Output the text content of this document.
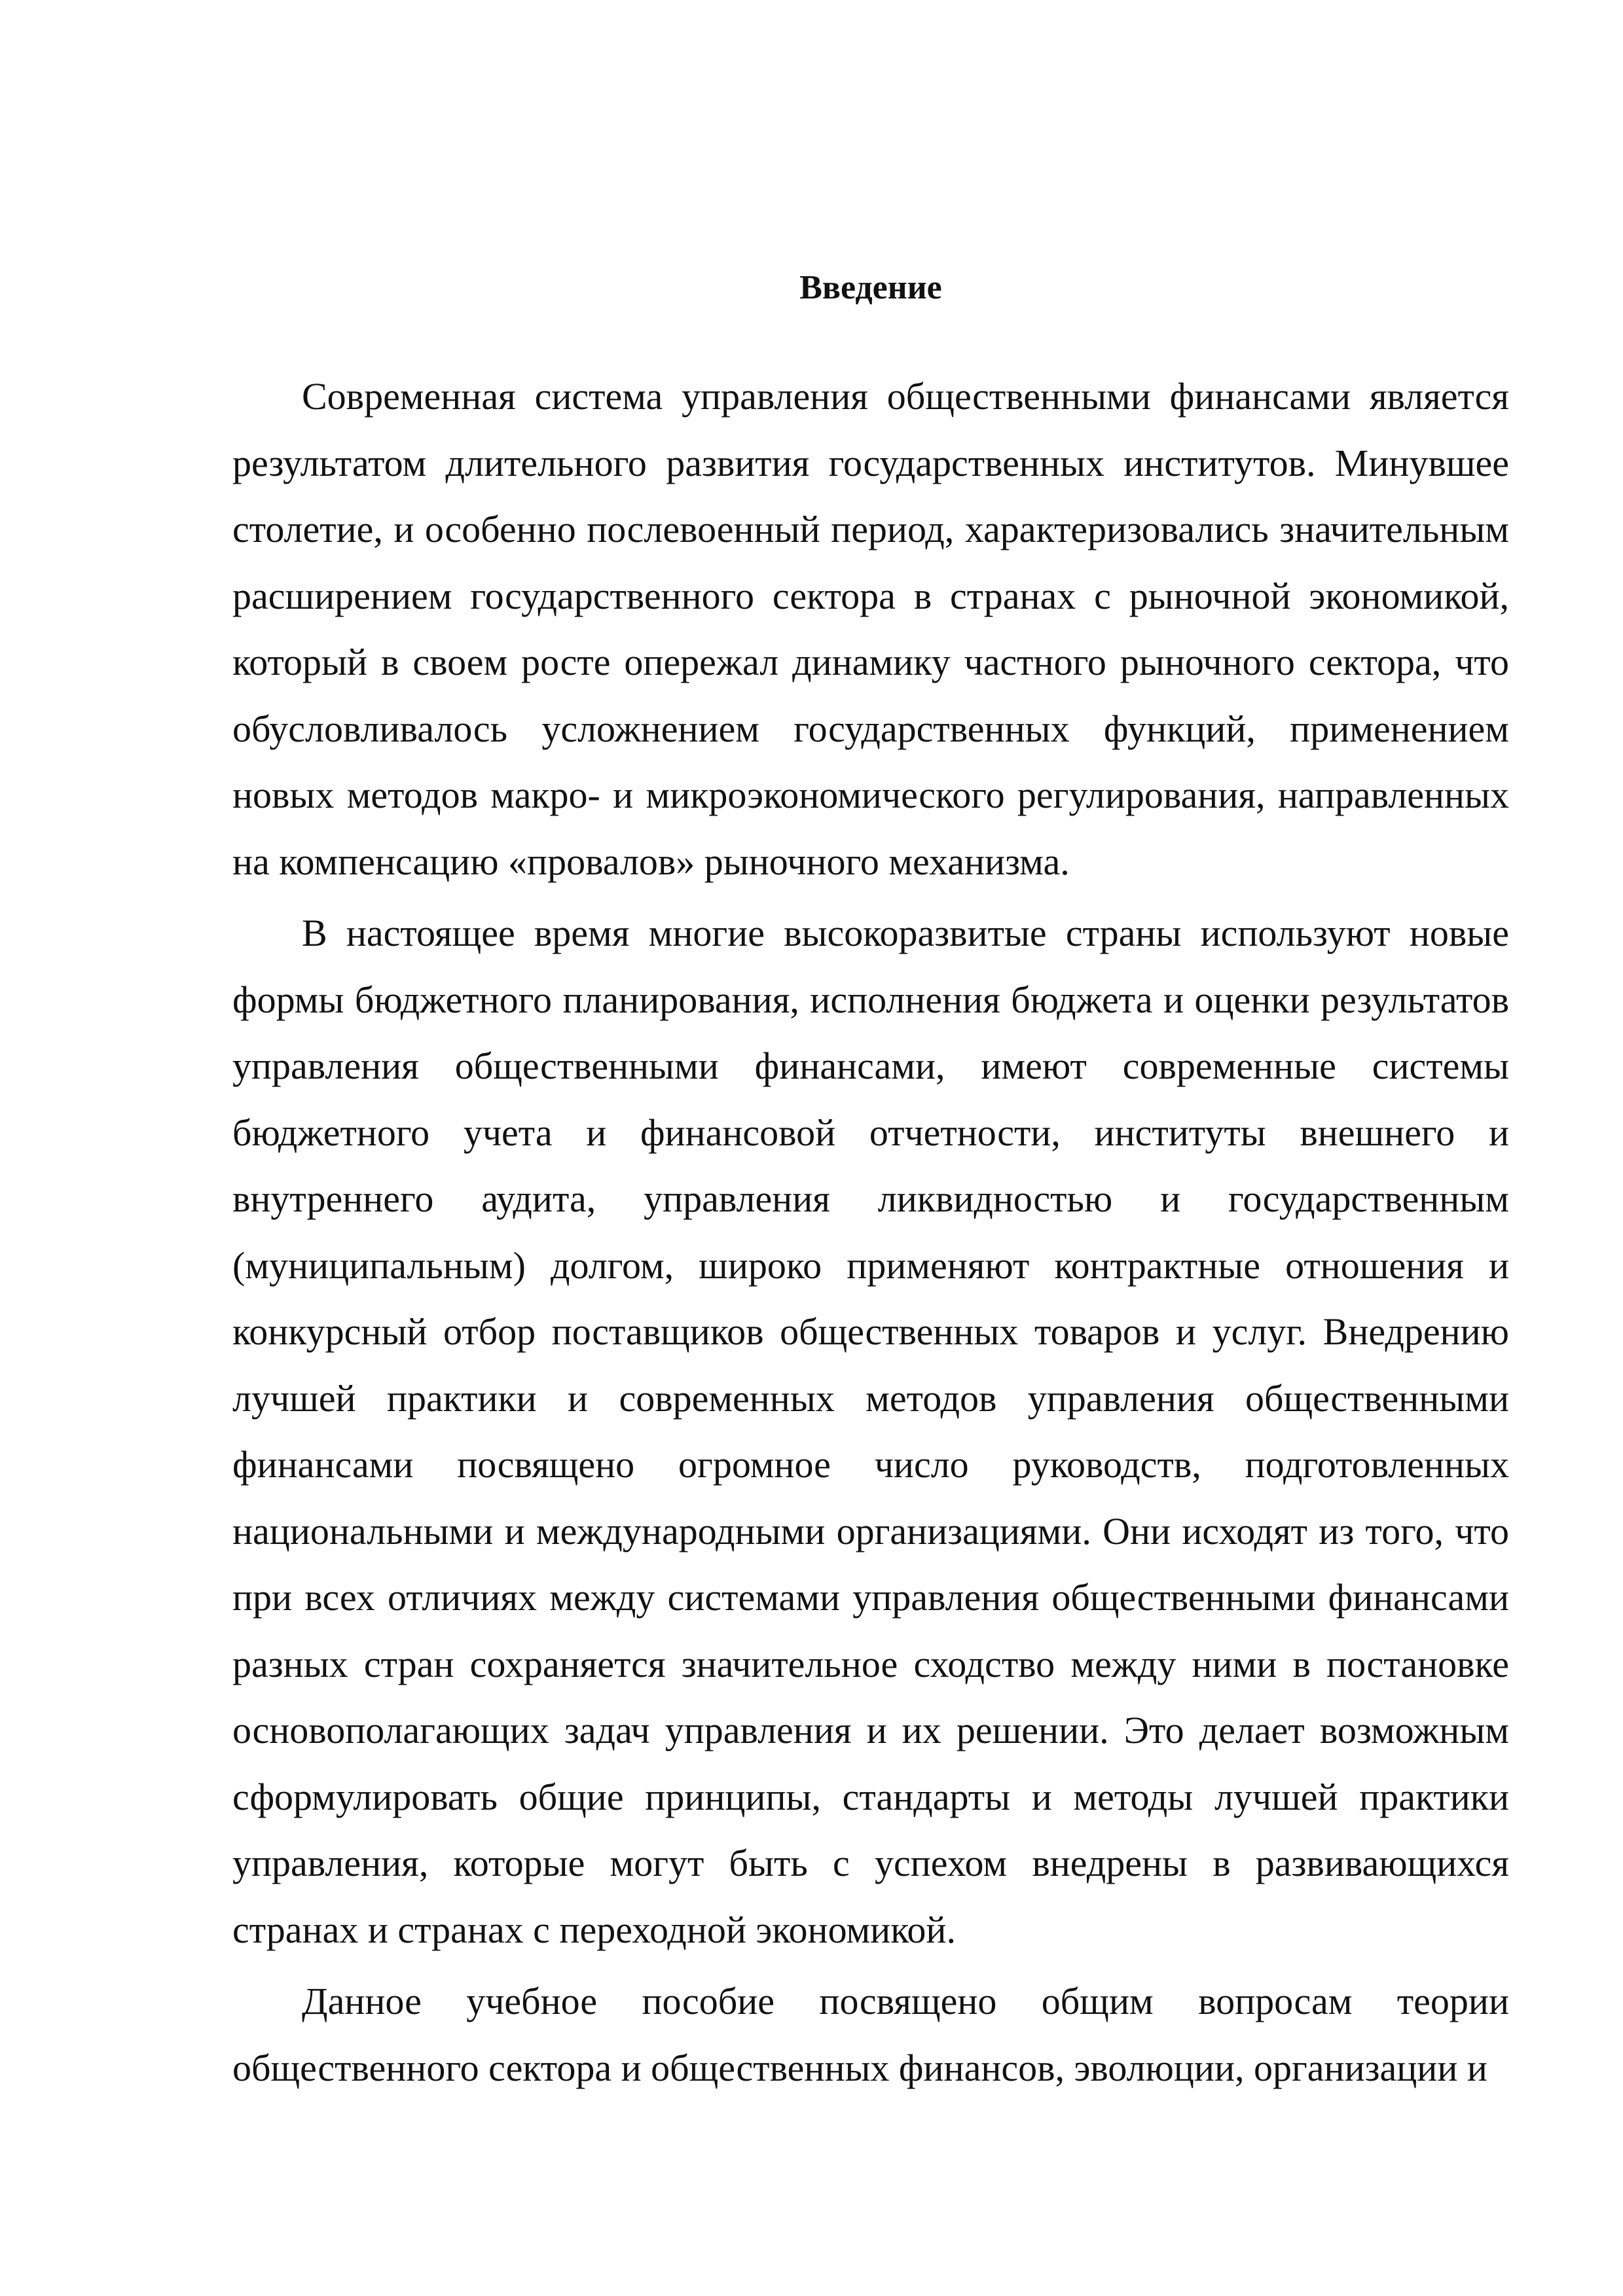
Введение

Современная система управления общественными финансами является результатом длительного развития государственных институтов. Минувшее столетие, и особенно послевоенный период, характеризовались значительным расширением государственного сектора в странах с рыночной экономикой, который в своем росте опережал динамику частного рыночного сектора, что обусловливалось усложнением государственных функций, применением новых методов макро- и микроэкономического регулирования, направленных на компенсацию «провалов» рыночного механизма.

В настоящее время многие высокоразвитые страны используют новые формы бюджетного планирования, исполнения бюджета и оценки результатов управления общественными финансами, имеют современные системы бюджетного учета и финансовой отчетности, институты внешнего и внутреннего аудита, управления ликвидностью и государственным (муниципальным) долгом, широко применяют контрактные отношения и конкурсный отбор поставщиков общественных товаров и услуг. Внедрению лучшей практики и современных методов управления общественными финансами посвящено огромное число руководств, подготовленных национальными и международными организациями. Они исходят из того, что при всех отличиях между системами управления общественными финансами разных стран сохраняется значительное сходство между ними в постановке основополагающих задач управления и их решении. Это делает возможным сформулировать общие принципы, стандарты и методы лучшей практики управления, которые могут быть с успехом внедрены в развивающихся странах и странах с переходной экономикой.

Данное учебное пособие посвящено общим вопросам теории общественного сектора и общественных финансов, эволюции, организации и
